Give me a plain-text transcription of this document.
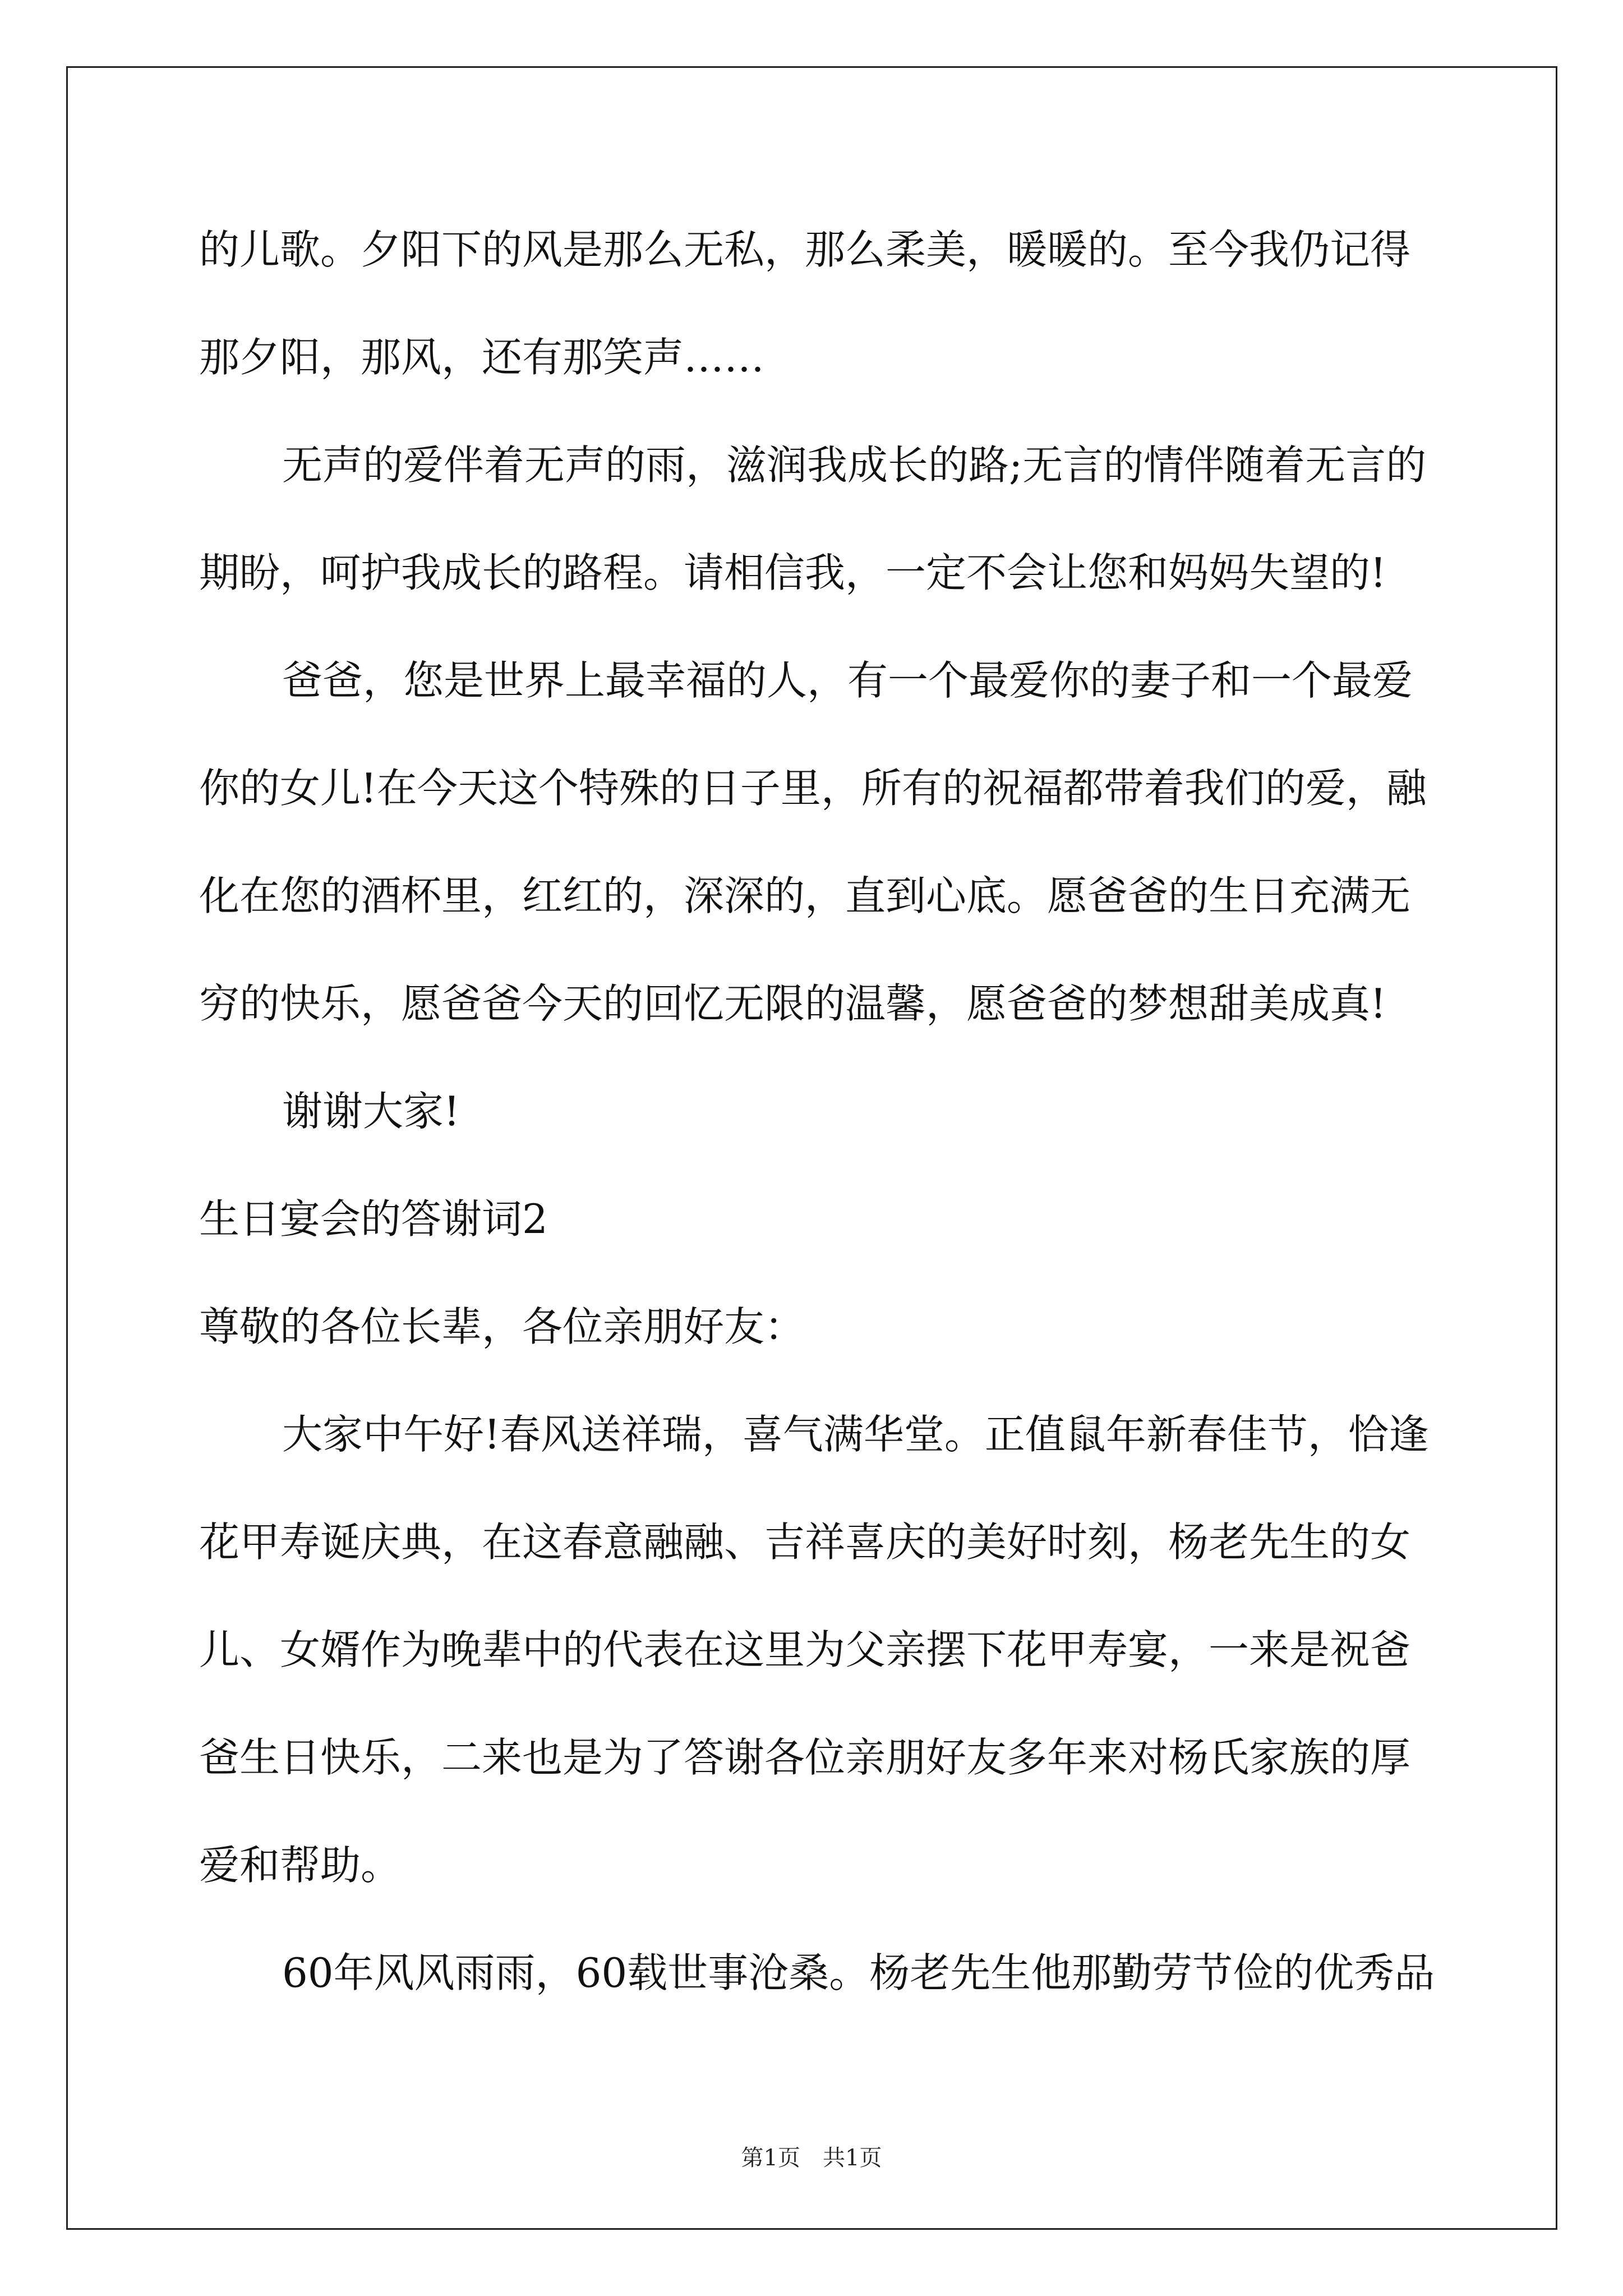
的儿歌。夕阳下的风是那么无私，那么柔美，暖暖的。至今我仍记得
那夕阳，那风，还有那笑声……
无声的爱伴着无声的雨，滋润我成长的路;无言的情伴随着无言的
期盼，呵护我成长的路程。请相信我，一定不会让您和妈妈失望的!
爸爸，您是世界上最幸福的人，有一个最爱你的妻子和一个最爱
你的女儿!在今天这个特殊的日子里，所有的祝福都带着我们的爱，融
化在您的酒杯里，红红的，深深的，直到心底。愿爸爸的生日充满无
穷的快乐，愿爸爸今天的回忆无限的温馨，愿爸爸的梦想甜美成真!
谢谢大家!
生日宴会的答谢词2
尊敬的各位长辈，各位亲朋好友：
大家中午好!春风送祥瑞，喜气满华堂。正值鼠年新春佳节，恰逢
花甲寿诞庆典，在这春意融融、吉祥喜庆的美好时刻，杨老先生的女
儿、女婿作为晚辈中的代表在这里为父亲摆下花甲寿宴，一来是祝爸
爸生日快乐，二来也是为了答谢各位亲朋好友多年来对杨氏家族的厚
爱和帮助。
60年风风雨雨，60载世事沧桑。杨老先生他那勤劳节俭的优秀品
第1页　共1页
